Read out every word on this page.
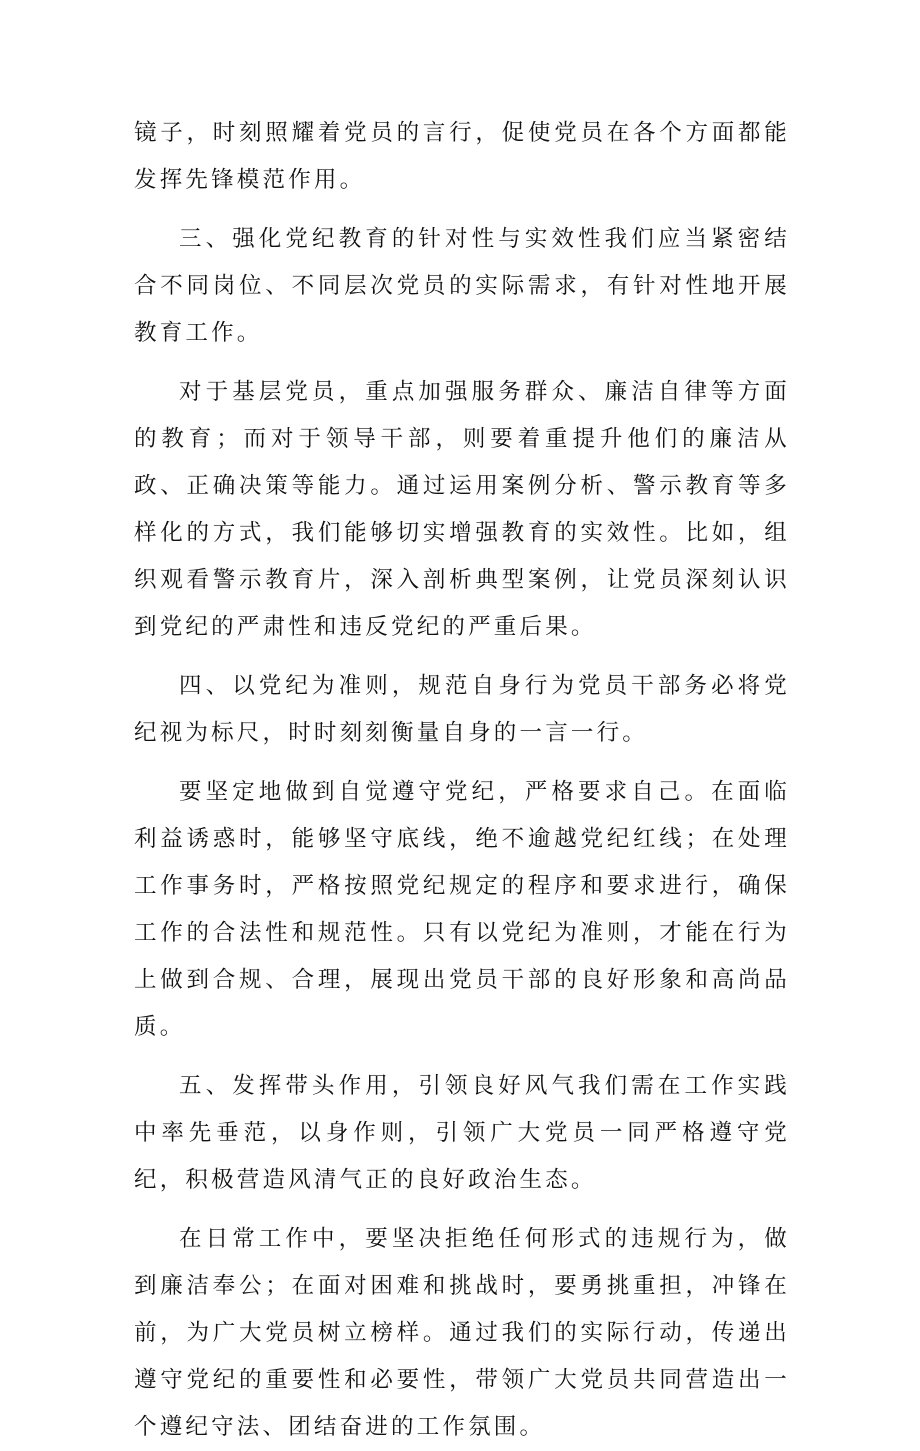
镜子，时刻照耀着党员的言行，促使党员在各个方面都能发挥先锋模范作用。

三、强化党纪教育的针对性与实效性我们应当紧密结合不同岗位、不同层次党员的实际需求，有针对性地开展教育工作。

对于基层党员，重点加强服务群众、廉洁自律等方面的教育；而对于领导干部，则要着重提升他们的廉洁从政、正确决策等能力。通过运用案例分析、警示教育等多样化的方式，我们能够切实增强教育的实效性。比如，组织观看警示教育片，深入剖析典型案例，让党员深刻认识到党纪的严肃性和违反党纪的严重后果。

四、以党纪为准则，规范自身行为党员干部务必将党纪视为标尺，时时刻刻衡量自身的一言一行。

要坚定地做到自觉遵守党纪，严格要求自己。在面临利益诱惑时，能够坚守底线，绝不逾越党纪红线；在处理工作事务时，严格按照党纪规定的程序和要求进行，确保工作的合法性和规范性。只有以党纪为准则，才能在行为上做到合规、合理，展现出党员干部的良好形象和高尚品质。

五、发挥带头作用，引领良好风气我们需在工作实践中率先垂范，以身作则，引领广大党员一同严格遵守党纪，积极营造风清气正的良好政治生态。

在日常工作中，要坚决拒绝任何形式的违规行为，做到廉洁奉公；在面对困难和挑战时，要勇挑重担，冲锋在前，为广大党员树立榜样。通过我们的实际行动，传递出遵守党纪的重要性和必要性，带领广大党员共同营造出一个遵纪守法、团结奋进的工作氛围。
